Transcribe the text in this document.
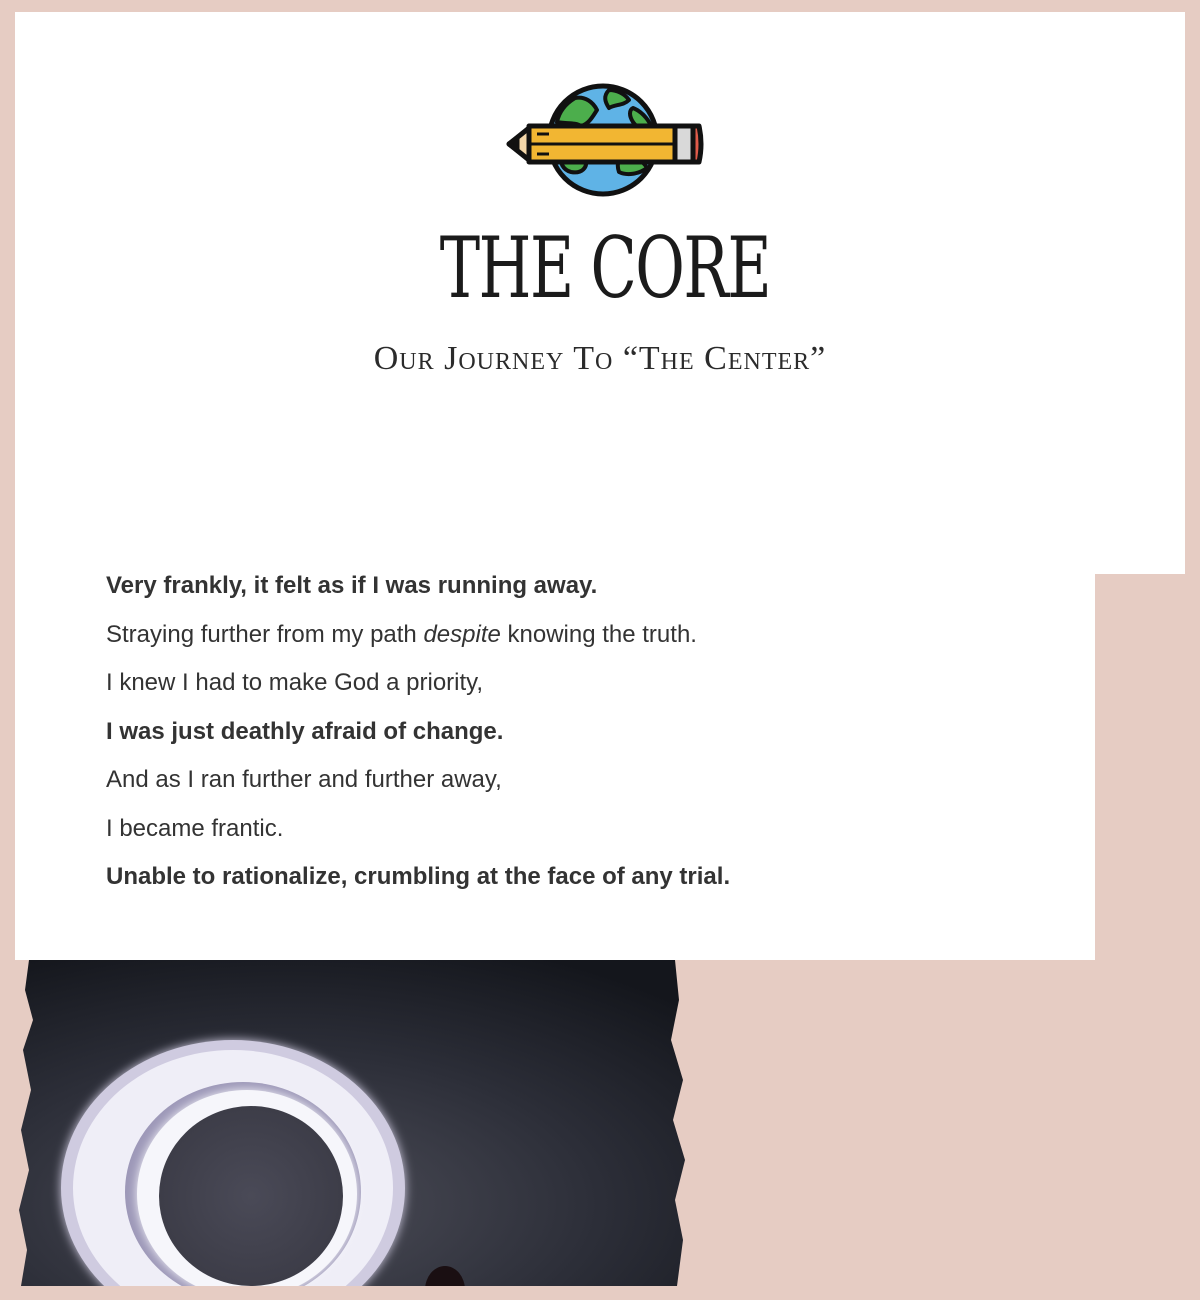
THE CORE
Our Journey To “The Center”

Very frankly, it felt as if I was running away.

Straying further from my path despite knowing the truth.

I knew I had to make God a priority,

I was just deathly afraid of change.

And as I ran further and further away,

I became frantic.

Unable to rationalize, crumbling at the face of any trial.
